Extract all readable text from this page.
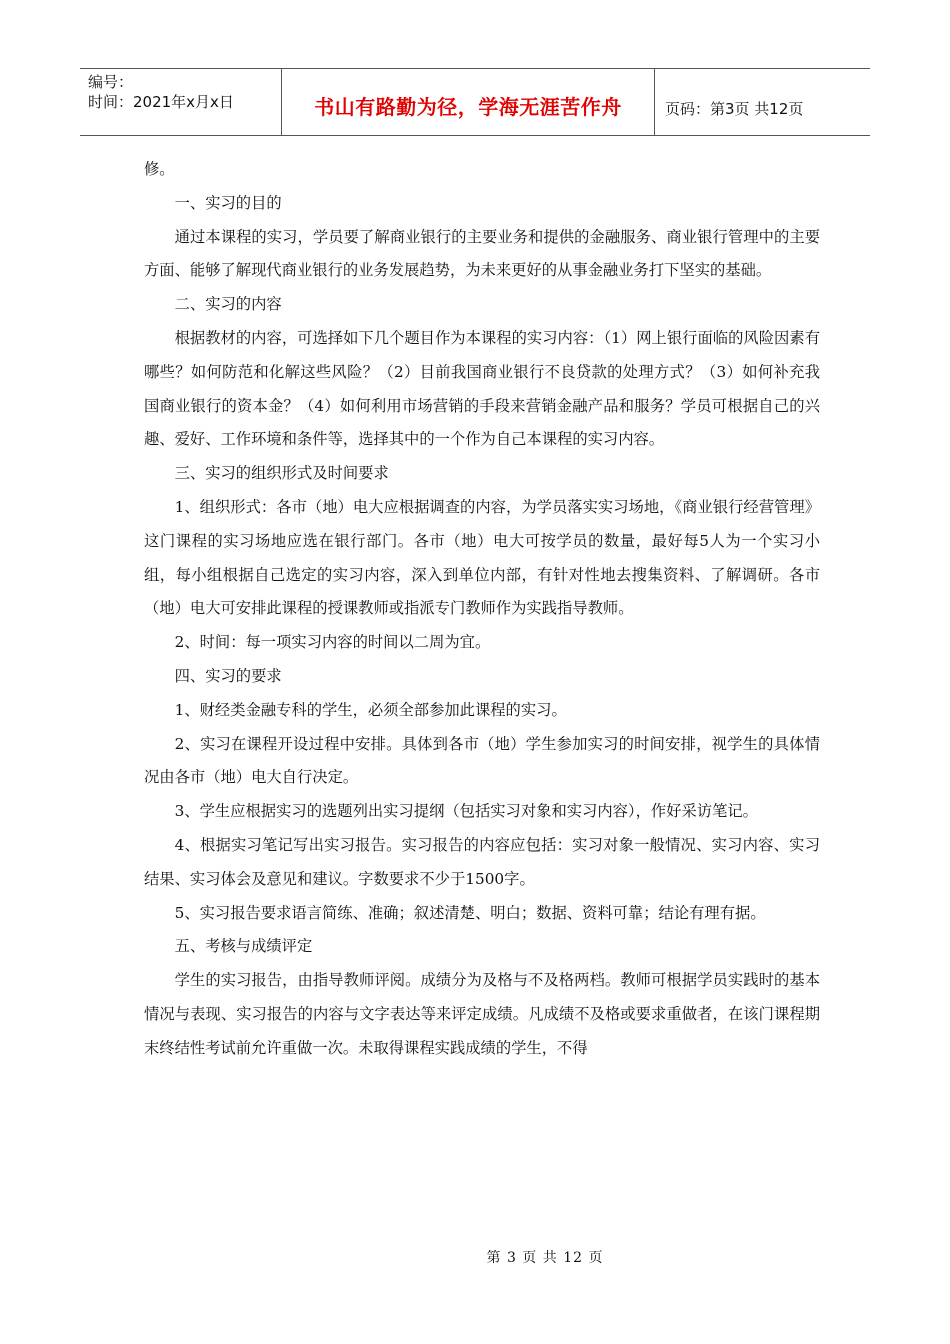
编号：
时间：2021年x月x日	书山有路勤为径，学海无涯苦作舟	页码：第3页 共12页

修。

一、实习的目的

通过本课程的实习，学员要了解商业银行的主要业务和提供的金融服务、商业银行管理中的主要方面、能够了解现代商业银行的业务发展趋势，为未来更好的从事金融业务打下坚实的基础。

二、实习的内容

根据教材的内容，可选择如下几个题目作为本课程的实习内容：（1）网上银行面临的风险因素有哪些？如何防范和化解这些风险？（2）目前我国商业银行不良贷款的处理方式？（3）如何补充我国商业银行的资本金？（4）如何利用市场营销的手段来营销金融产品和服务？学员可根据自己的兴趣、爱好、工作环境和条件等，选择其中的一个作为自己本课程的实习内容。

三、实习的组织形式及时间要求

1、组织形式：各市（地）电大应根据调查的内容，为学员落实实习场地，《商业银行经营管理》这门课程的实习场地应选在银行部门。各市（地）电大可按学员的数量，最好每5人为一个实习小组，每小组根据自己选定的实习内容，深入到单位内部，有针对性地去搜集资料、了解调研。各市（地）电大可安排此课程的授课教师或指派专门教师作为实践指导教师。

2、时间：每一项实习内容的时间以二周为宜。

四、实习的要求

1、财经类金融专科的学生，必须全部参加此课程的实习。

2、实习在课程开设过程中安排。具体到各市（地）学生参加实习的时间安排，视学生的具体情况由各市（地）电大自行决定。

3、学生应根据实习的选题列出实习提纲（包括实习对象和实习内容），作好采访笔记。

4、根据实习笔记写出实习报告。实习报告的内容应包括：实习对象一般情况、实习内容、实习结果、实习体会及意见和建议。字数要求不少于1500字。

5、实习报告要求语言简练、准确；叙述清楚、明白；数据、资料可靠；结论有理有据。

五、考核与成绩评定

学生的实习报告，由指导教师评阅。成绩分为及格与不及格两档。教师可根据学员实践时的基本情况与表现、实习报告的内容与文字表达等来评定成绩。凡成绩不及格或要求重做者，在该门课程期末终结性考试前允许重做一次。未取得课程实践成绩的学生，不得

第 3 页 共 12 页
